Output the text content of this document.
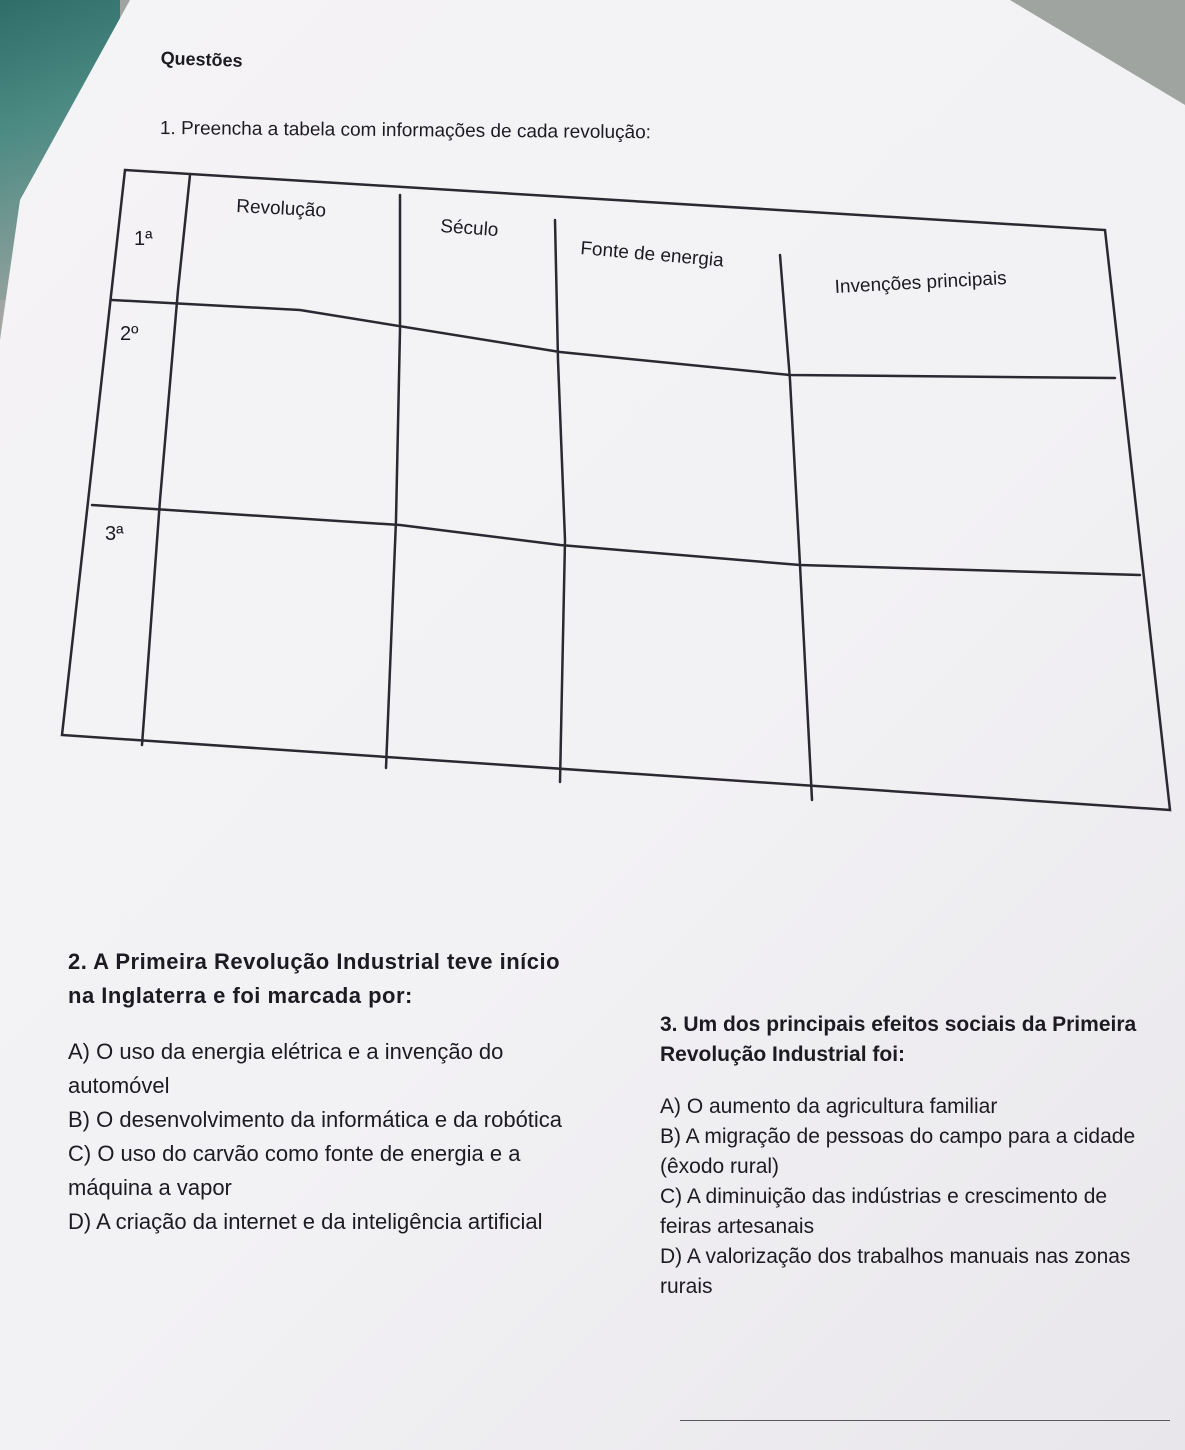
Questões
1. Preencha a tabela com informações de cada revolução:
Revolução
Século
Fonte de energia
Invenções principais
1ª
2º
3ª
2. A Primeira Revolução Industrial teve início na Inglaterra e foi marcada por:
A) O uso da energia elétrica e a invenção do automóvel
B) O desenvolvimento da informática e da robótica
C) O uso do carvão como fonte de energia e a máquina a vapor
D) A criação da internet e da inteligência artificial
3. Um dos principais efeitos sociais da Primeira Revolução Industrial foi:
A) O aumento da agricultura familiar
B) A migração de pessoas do campo para a cidade (êxodo rural)
C) A diminuição das indústrias e crescimento de feiras artesanais
D) A valorização dos trabalhos manuais nas zonas rurais
